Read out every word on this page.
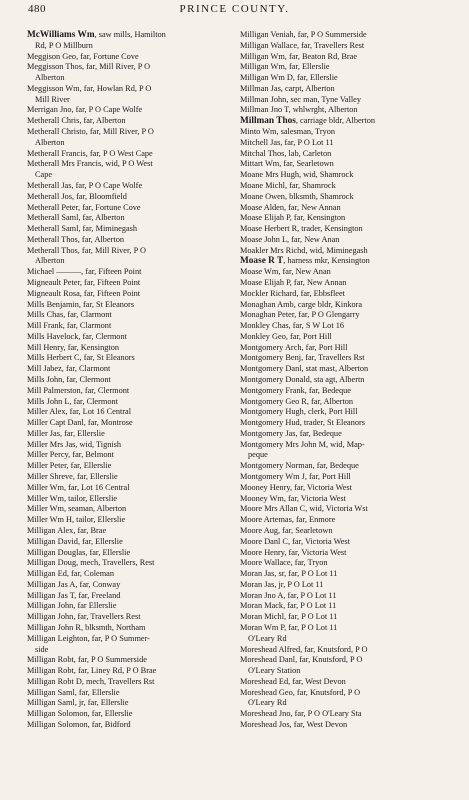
480	PRINCE COUNTY.
McWilliams Wm, saw mills, Hamilton
Rd, P O Millburn
Meggison Geo, far, Fortune Cove
Meggisson Thos, far, Mill River, P O
Alberton
Meggisson Wm, far, Howlan Rd, P O
Mill River
Merrigan Jno, far, P O Cape Wolfe
Metherall Chris, far, Alberton
Metherall Christo, far, Mill River, P O
Alberton
Metherall Francis, far, P O West Cape
Metherall Mrs Francis, wid, P O West
Cape
Metherall Jas, far, P O Cape Wolfe
Metherall Jos, far, Bloomfield
Metherall Peter, far, Fortune Cove
Metherall Saml, far, Alberton
Metherall Saml, far, Miminegash
Metherall Thos, far, Alberton
Metherall Thos, far, Mill River, P O
Alberton
Michael ———, far, Fifteen Point
Migneault Peter, far, Fifteen Point
Migneault Rosa, far, Fifteen Point
Mills Benjamin, far, St Eleanors
Mills Chas, far, Clarmont
Mill Frank, far, Clarmont
Mills Havelock, far, Clermont
Mill Henry, far, Kensington
Mills Herbert C, far, St Eleanors
Mill Jabez, far, Clarmont
Mills John, far, Clermont
Mill Palmerston, far, Clermont
Mills John L, far, Clermont
Miller Alex, far, Lot 16 Central
Miller Capt Danl, far, Montrose
Miller Jas, far, Ellerslie
Miller Mrs Jas, wid, Tignish
Miller Percy, far, Belmont
Miller Peter, far, Ellerslie
Miller Shreve, far, Ellerslie
Miller Wm, far, Lot 16 Central
Miller Wm, tailor, Ellerslie
Miller Wm, seaman, Alberton
Miller Wm H, tailor, Ellerslie
Milligan Alex, far, Brae
Milligan David, far, Ellerslie
Milligan Douglas, far, Ellerslie
Milligan Doug, mech, Travellers, Rest
Milligan Ed, far, Coleman
Milligan Jas A, far, Conway
Milligan Jas T, far, Freeland
Milligan John, far Ellerslie
Milligan John, far, Travellers Rest
Milligan John R, blksmth, Northam
Milligan Leighton, far, P O Summer-
side
Milligan Robt, far, P O Summerside
Milligan Robt, far, Liney Rd, P O Brae
Milligan Robt D, mech, Travellers Rst
Milligan Saml, far, Ellerslie
Milligan Saml, jr, far, Ellerslie
Milligan Solomon, far, Ellerslie
Milligan Solomon, far, Bidford
Milligan Veniah, far, P O Summerside
Milligan Wallace, far, Travellers Rest
Milligan Wm, far, Beaton Rd, Brae
Milligan Wm, far, Ellerslie
Milligan Wm D, far, Ellerslie
Millman Jas, carpt, Alberton
Millman John, sec man, Tyne Valley
Millman Jno T, whlwrght, Alberton
Millman Thos, carriage bldr, Alberton
Minto Wm, salesman, Tryon
Mitchell Jas, far, P O Lot 11
Mitchal Thos, lab, Carleton
Mittart Wm, far, Searletown
Moane Mrs Hugh, wid, Shamrock
Moane Michl, far, Shamrock
Moane Owen, blksmth, Shamrock
Moase Alden, far, New Annan
Moase Elijah P, far, Kensington
Moase Herbert R, trader, Kensington
Moase John L, far, New Anan
Moakler Mrs Richd, wid, Miminegash
Moase R T, harness mkr, Kensington
Moase Wm, far, New Anan
Moase Elijah P, far, New Annan
Mockler Richard, far, Ebbsfleet
Monaghan Amb, carge bldr, Kinkora
Monaghan Peter, far, P O Glengarry
Monkley Chas, far, S W Lot 16
Monkley Geo, far, Port Hill
Montgomery Arch, far, Port Hill
Montgomery Benj, far, Travellers Rst
Montgomery Danl, stat mast, Alberton
Montgomery Donald, sta agt, Albertn
Montgomery Frank, far, Bedeque
Montgomery Geo R, far, Alberton
Montgomery Hugh, clerk, Port Hill
Montgomery Hud, trader, St Eleanors
Montgomery Jas, far, Bedeque
Montgomery Mrs John M, wid, Map-
peque
Montgomery Norman, far, Bedeque
Montgomery Wm J, far, Port Hill
Mooney Henry, far, Victoria West
Mooney Wm, far, Victoria West
Moore Mrs Allan C, wid, Victoria Wst
Moore Artemas, far, Enmore
Moore Aug, far, Searletown
Moore Danl C, far, Victoria West
Moore Henry, far, Victoria West
Moore Wallace, far, Tryon
Moran Jas, sr, far, P O Lot 11
Moran Jas, jr, P O Lot 11
Moran Jno A, far, P O Lot 11
Moran Mack, far, P O Lot 11
Moran Michl, far, P O Lot 11
Moran Wm P, far, P O Lot 11
O'Leary Rd
Moreshead Alfred, far, Knutsford, P O
Moreshead Danl, far, Knutsford, P O
O'Leary Station
Moreshead Ed, far, West Devon
Moreshead Geo, far, Knutsford, P O
O'Leary Rd
Moreshead Jno, far, P O O'Leary Sta
Moreshead Jos, far, West Devon
